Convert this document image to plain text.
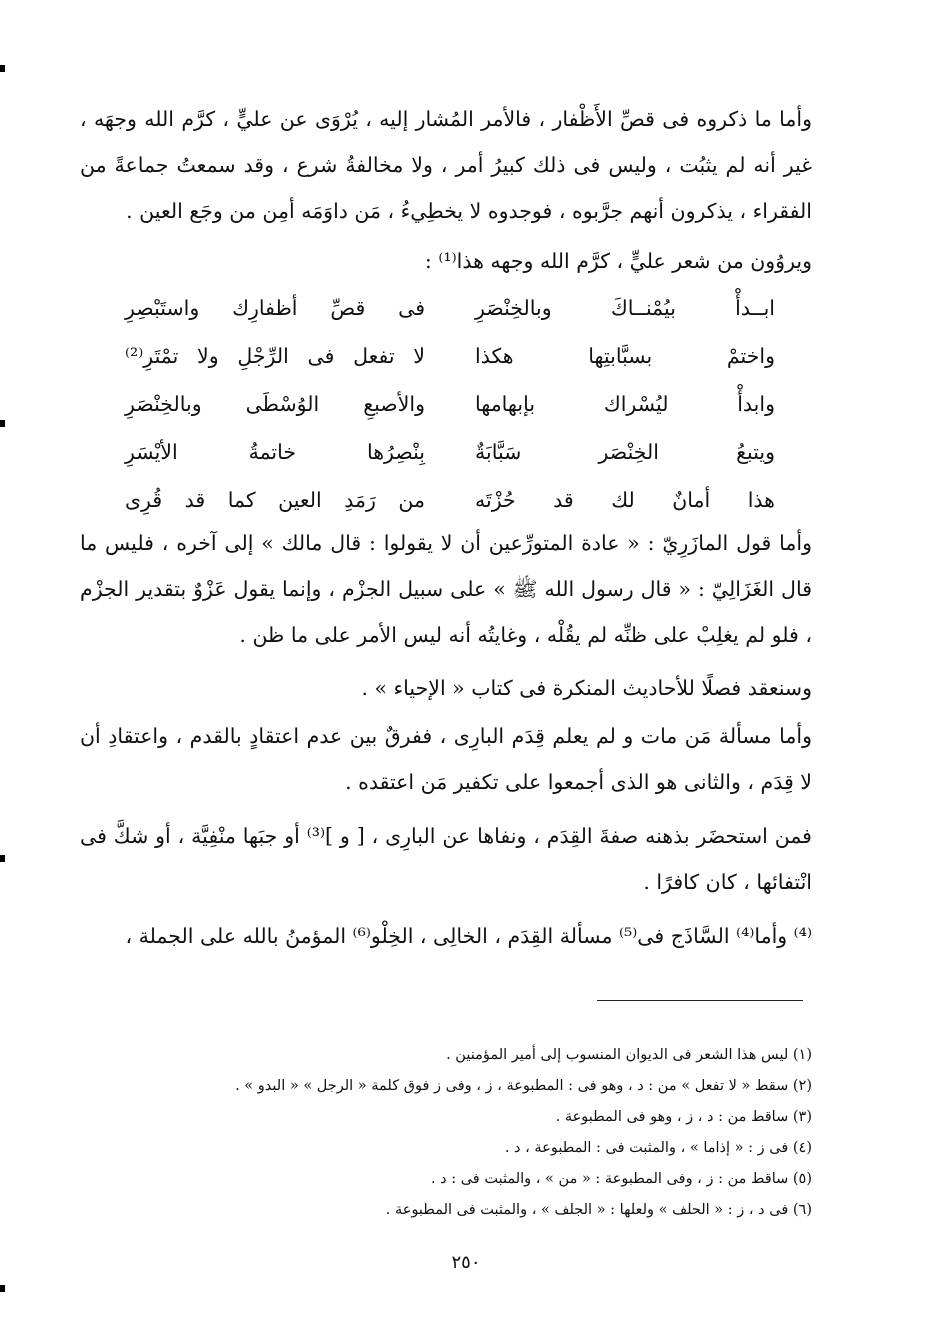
وأما ما ذكروه فى قصِّ الأَظْفار ، فالأمر المُشار إليه ، يُرْوَى عن عليٍّ ، كرَّم الله وجهَه ، غير أنه لم يثبُت ، وليس فى ذلك كبيرُ أمر ، ولا مخالفةُ شرع ، وقد سمعتُ جماعةً من الفقراء ، يذكرون أنهم جرَّبوه ، فوجدوه لا يخطِيءُ ، مَن داوَمَه أمِن من وجَع العين .

ويروُون من شعر عليٍّ ، كرَّم الله وجهه هذا⁽¹⁾ :

ابــدأْ بيُمْنــاكَ وبالخِنْصَرِ
فى قصِّ أظفارِك واستَبْصِرِ
واختمْ بسبَّابتِها هكذا
لا تفعل فى الرِّجْلِ ولا تمْتَرِ⁽²⁾
وابدأْ ليُسْراك بإبهامها
والأصبعِ الوُسْطَى وبالخِنْصَرِ
ويتبعُ الخِنْصَر سَبَّابَةٌ
بِنْصِرُها خاتمةُ الأيْسَرِ
هذا أمانٌ لك قد حُزْتَه
من رَمَدِ العين كما قد قُرِى

وأما قول المازَرِيّ : « عادة المتورِّعين أن لا يقولوا : قال مالك » إلى آخره ، فليس ما قال الغَزَالِيّ : « قال رسول الله ﷺ » على سبيل الجزْم ، وإنما يقول عَزْوٌ بتقدير الجزْم ، فلو لم يغلِبْ على ظنِّه لم يقُلْه ، وغايتُه أنه ليس الأمر على ما ظن .

وسنعقد فصلًا للأحاديث المنكرة فى كتاب « الإحياء » .

وأما مسألة مَن مات و لم يعلم قِدَم البارِى ، ففرقٌ بين عدم اعتقادٍ بالقدم ، واعتقادِ أن لا قِدَم ، والثانى هو الذى أجمعوا على تكفير مَن اعتقده .

فمن استحضَر بذهنه صفةَ القِدَم ، ونفاها عن البارِى ، [ و ]⁽³⁾ أو جبَها منْفِيَّة ، أو شكَّ فى انْتفائها ، كان كافرًا .

⁽⁴⁾ وأما⁽⁴⁾ السَّاذَج فى⁽⁵⁾ مسألة القِدَم ، الخالِى ، الخِلْو⁽⁶⁾ المؤمنُ بالله على الجملة ،

(١) ليس هذا الشعر فى الديوان المنسوب إلى أمير المؤمنين .
(٢) سقط « لا تفعل » من : د ، وهو فى : المطبوعة ، ز ، وفى ز فوق كلمة « الرجل » « البدو » .
(٣) ساقط من : د ، ز ، وهو فى المطبوعة .
(٤) فى ز : « إذاما » ، والمثبت فى : المطبوعة ، د .
(٥) ساقط من : ز ، وفى المطبوعة : « من » ، والمثبت فى : د .
(٦) فى د ، ز : « الحلف » ولعلها : « الجلف » ، والمثبت فى المطبوعة .
٢٥٠
